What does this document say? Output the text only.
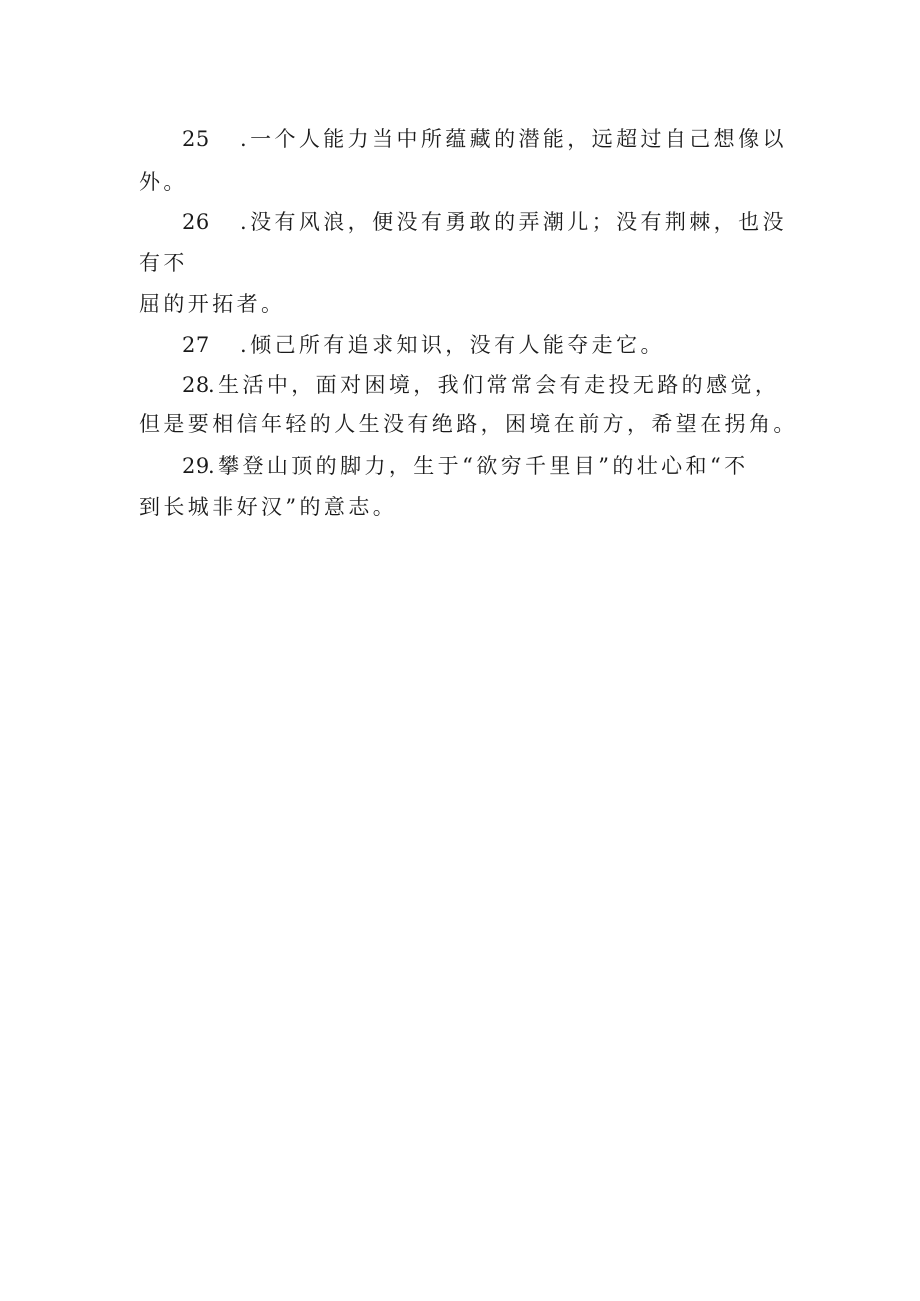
25 .一个人能力当中所蕴藏的潜能，远超过自己想像以
外。
26 .没有风浪，便没有勇敢的弄潮儿；没有荆棘，也没
有不
屈的开拓者。
27 .倾己所有追求知识，没有人能夺走它。
28.生活中，面对困境，我们常常会有走投无路的感觉，
但是要相信年轻的人生没有绝路，困境在前方，希望在拐角。
29.攀登山顶的脚力，生于“欲穷千里目”的壮心和“不
到长城非好汉”的意志。
